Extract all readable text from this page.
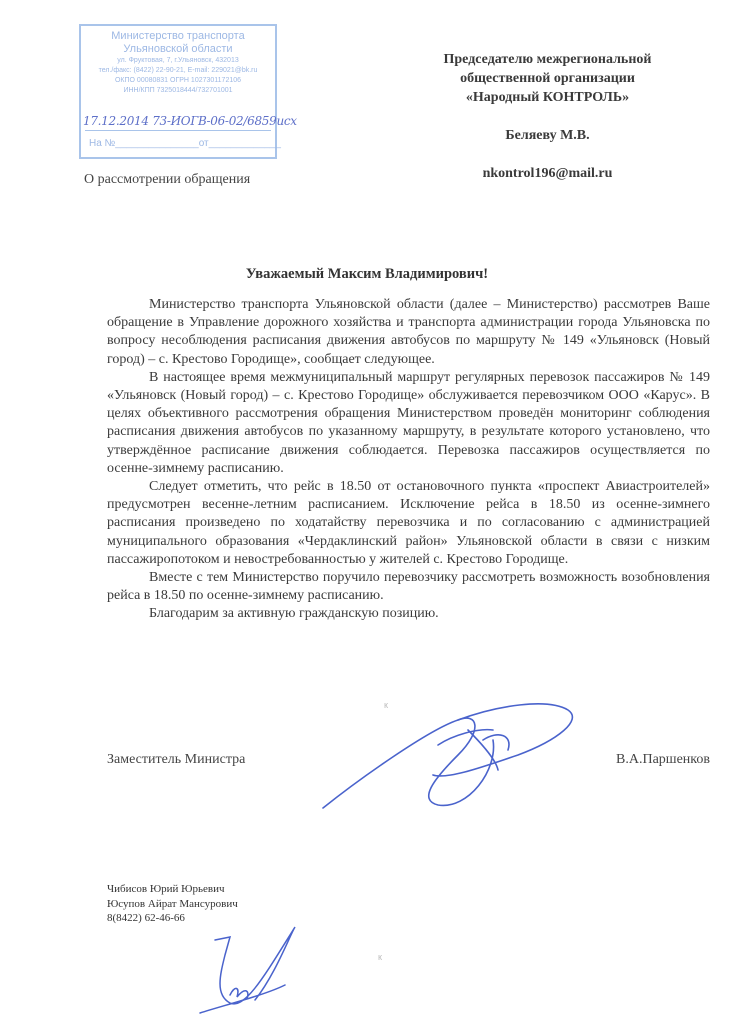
Министерство транспорта
Ульяновской области
ул. Фруктовая, 7, г.Ульяновск, 432013
тел./факс: (8422) 22-90-21, E-mail: 229021@bk.ru
ОКПО 00080831 ОГРН 1027301172106
ИНН/КПП 7325018444/732701001
17.12.2014 73-ИОГВ-06-02/6859исх
На №_______________от_____________
О рассмотрении обращения
Председателю межрегиональной
общественной организации
«Народный КОНТРОЛЬ»
Беляеву М.В.
nkontrol196@mail.ru
Уважаемый Максим Владимирович!

Министерство транспорта Ульяновской области (далее – Министерство) рассмотрев Ваше обращение в Управление дорожного хозяйства и транспорта администрации города Ульяновска по вопросу несоблюдения расписания движения автобусов по маршруту № 149 «Ульяновск (Новый город) – с. Крестово Городище», сообщает следующее.

В настоящее время межмуниципальный маршрут регулярных перевозок пассажиров № 149 «Ульяновск (Новый город) – с. Крестово Городище» обслуживается перевозчиком ООО «Карус». В целях объективного рассмотрения обращения Министерством проведён мониторинг соблюдения расписания движения автобусов по указанному маршруту, в результате которого установлено, что утверждённое расписание движения соблюдается. Перевозка пассажиров осуществляется по осенне-зимнему расписанию.

Следует отметить, что рейс в 18.50 от остановочного пункта «проспект Авиастроителей» предусмотрен весенне-летним расписанием. Исключение рейса в 18.50 из осенне-зимнего расписания произведено по ходатайству перевозчика и по согласованию с администрацией муниципального образования «Чердаклинский район» Ульяновской области в связи с низким пассажиропотоком и невостребованностью у жителей с. Крестово Городище.

Вместе с тем Министерство поручило перевозчику рассмотреть возможность возобновления рейса в 18.50 по осенне-зимнему расписанию.

Благодарим за активную гражданскую позицию.

Заместитель Министра	В.А.Паршенков
Чибисов Юрий Юрьевич
Юсупов Айрат Мансурович
8(8422) 62-46-66
к
к
